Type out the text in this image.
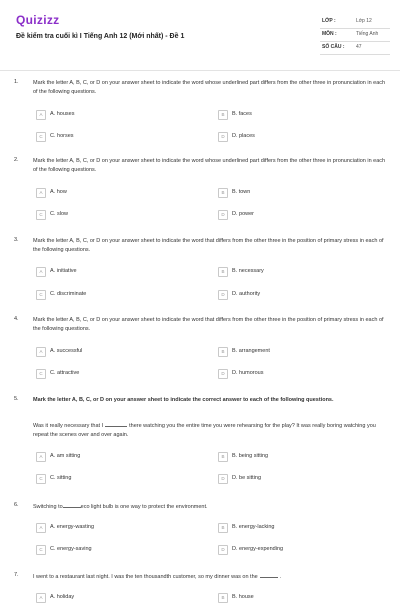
Quizizz
Đề kiểm tra cuối kì I Tiếng Anh 12 (Mới nhất) - Đề 1
LỚP :	Lớp 12
MÔN :	Tiếng Anh
SỐ CÂU : 47
1.	Mark the letter A, B, C, or D on your answer sheet to indicate the word whose underlined part differs from the other three in pronunciation in each of the following questions.
A	A. houses	B	B. faces
C	C. horses	D	D. places
2.	Mark the letter A, B, C, or D on your answer sheet to indicate the word whose underlined part differs from the other three in pronunciation in each of the following questions.
A	A. how	B	B. town
C	C. slow	D	D. power
3.	Mark the letter A, B, C, or D on your answer sheet to indicate the word that differs from the other three in the position of primary stress in each of the following questions.
A	A. initiative	B	B. necessary
C	C. discriminate	D	D. authority
4.	Mark the letter A, B, C, or D on your answer sheet to indicate the word that differs from the other three in the position of primary stress in each of the following questions.
A	A. successful	B	B. arrangement
C	C. attractive	D	D. humorous
5.	Mark the letter A, B, C, or D on your answer sheet to indicate the correct answer to each of the following questions.
Was it really necessary that I	there watching you the entire time you were rehearsing for the play? It was really boring watching you repeat the scenes over and over again.
A	A. am sitting	B	B. being sitting
C	C. sitting	D	D. be sitting
6.	Switching to	eco light bulb is one way to protect the environment.
A	A. energy-wasting	B	B. energy-lacking
C	C. energy-saving	D	D. energy-expending
7.	I went to a restaurant last night. I was the ten thousandth customer, so my dinner was on the	.
A	A. holiday	B	B. house
